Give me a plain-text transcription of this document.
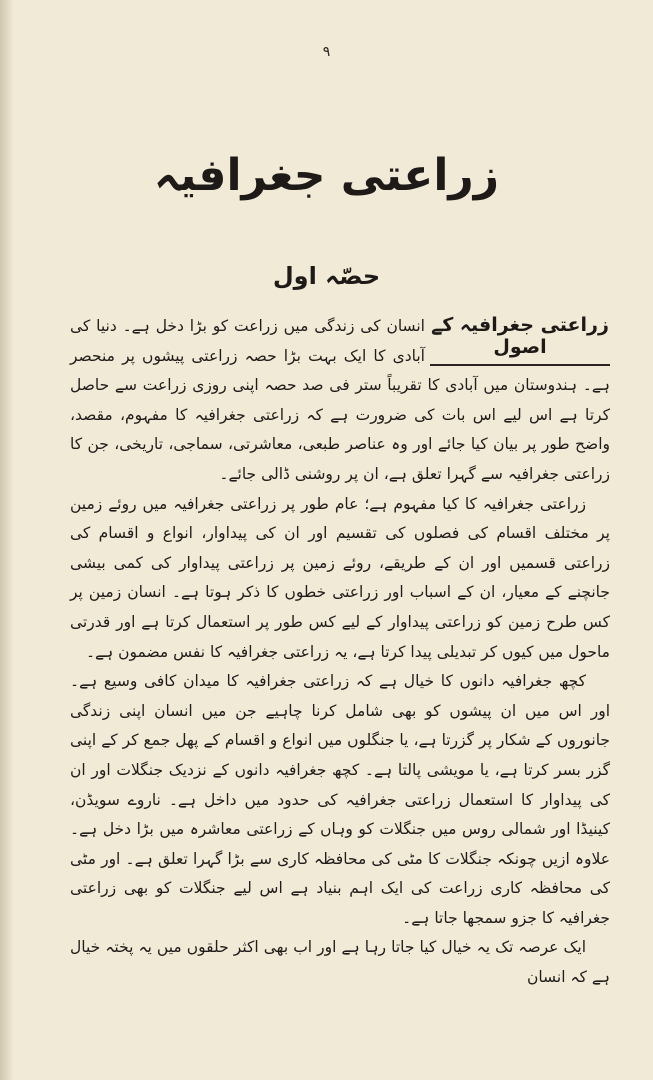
۹
زراعتی جغرافیہ
حصّہ اول

انسان کی زندگی میں زراعت کو بڑا دخل ہے۔ دنیا کی آبادی کا ایک بہت بڑا حصہ زراعتی پیشوں پر منحصر ہے۔ ہندوستان میں آبادی کا تقریباً ستر فی صد حصہ اپنی روزی زراعت سے حاصل کرتا ہے اس لیے اس بات کی ضرورت ہے کہ زراعتی جغرافیہ کا مفہوم، مقصد، واضح طور پر بیان کیا جائے اور وہ عناصر طبعی، معاشرتی، سماجی، تاریخی، جن کا زراعتی جغرافیہ سے گہرا تعلق ہے، ان پر روشنی ڈالی جائے۔

زراعتی جغرافیہ کا کیا مفہوم ہے؛ عام طور پر زراعتی جغرافیہ میں روئے زمین پر مختلف اقسام کی فصلوں کی تقسیم اور ان کی پیداوار، انواع و اقسام کی زراعتی قسمیں اور ان کے طریقے، روئے زمین پر زراعتی پیداوار کی کمی بیشی جانچنے کے معیار، ان کے اسباب اور زراعتی خطوں کا ذکر ہوتا ہے۔ انسان زمین پر کس طرح زمین کو زراعتی پیداوار کے لیے کس طور پر استعمال کرتا ہے اور قدرتی ماحول میں کیوں کر تبدیلی پیدا کرتا ہے، یہ زراعتی جغرافیہ کا نفس مضمون ہے۔

کچھ جغرافیہ دانوں کا خیال ہے کہ زراعتی جغرافیہ کا میدان کافی وسیع ہے۔ اور اس میں ان پیشوں کو بھی شامل کرنا چاہیے جن میں انسان اپنی زندگی جانوروں کے شکار پر گزرتا ہے، یا جنگلوں میں انواع و اقسام کے پھل جمع کر کے اپنی گزر بسر کرتا ہے، یا مویشی پالتا ہے۔ کچھ جغرافیہ دانوں کے نزدیک جنگلات اور ان کی پیداوار کا استعمال زراعتی جغرافیہ کی حدود میں داخل ہے۔ ناروے سویڈن، کینیڈا اور شمالی روس میں جنگلات کو وہاں کے زراعتی معاشرہ میں بڑا دخل ہے۔ علاوہ ازیں چونکہ جنگلات کا مٹی کی محافظہ کاری سے بڑا گہرا تعلق ہے۔ اور مٹی کی محافظہ کاری زراعت کی ایک اہم بنیاد ہے اس لیے جنگلات کو بھی زراعتی جغرافیہ کا جزو سمجھا جاتا ہے۔

ایک عرصہ تک یہ خیال کیا جاتا رہا ہے اور اب بھی اکثر حلقوں میں یہ پختہ خیال ہے کہ انسان

زراعتی جغرافیہ کے اصول
